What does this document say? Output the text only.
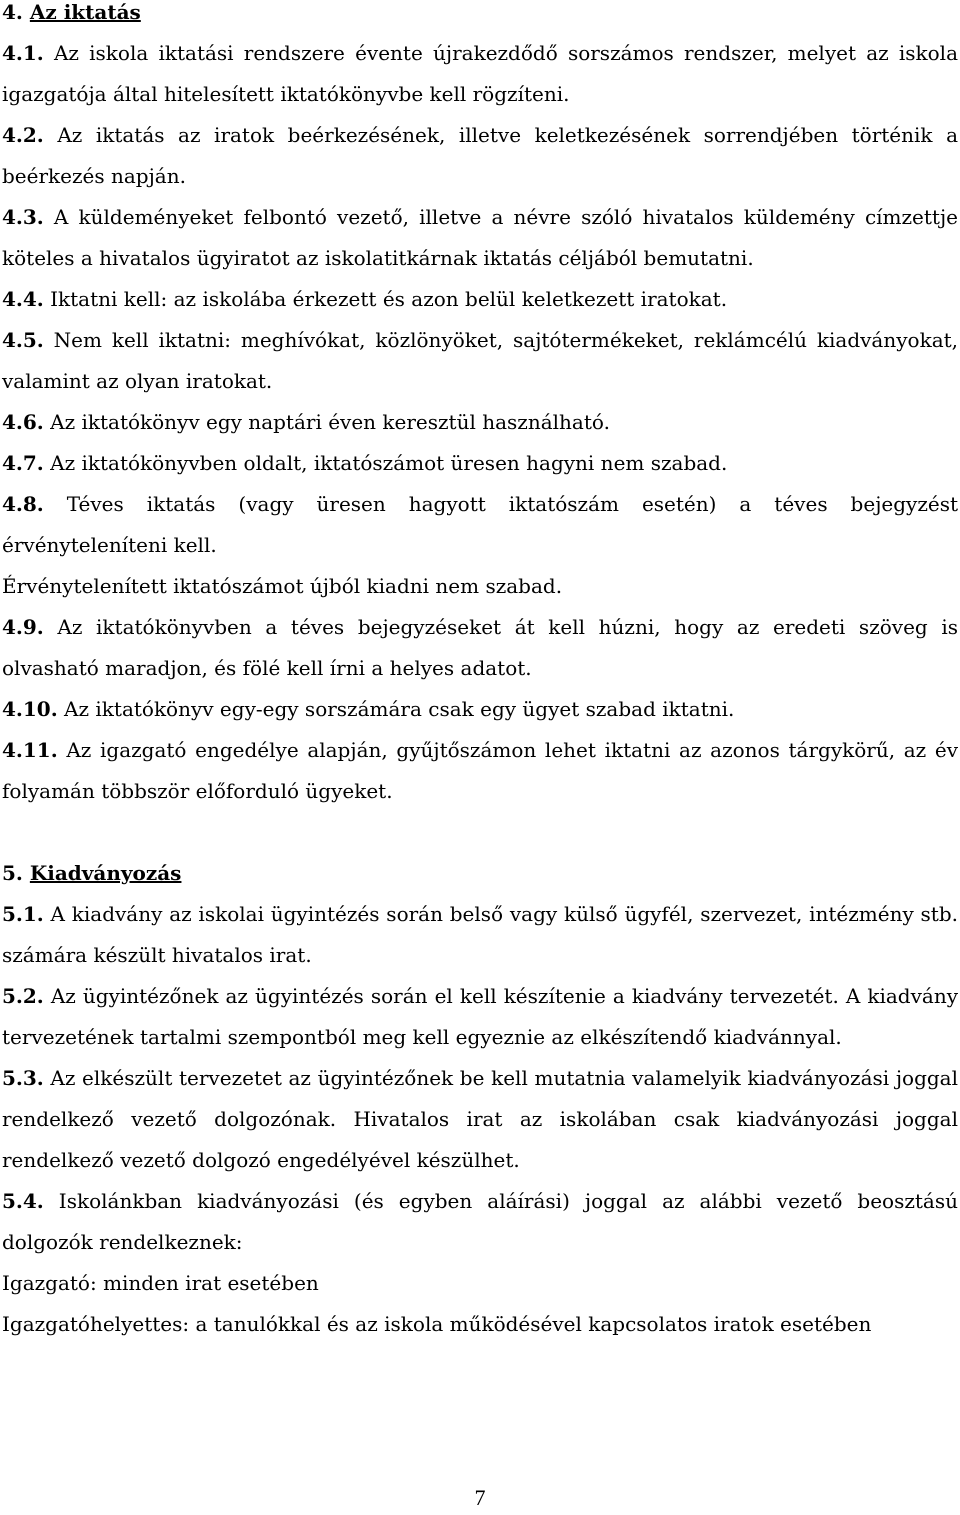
4. Az iktatás

4.1. Az iskola iktatási rendszere évente újrakezdődő sorszámos rendszer, melyet az iskola igazgatója által hitelesített iktatókönyvbe kell rögzíteni.

4.2. Az iktatás az iratok beérkezésének, illetve keletkezésének sorrendjében történik a beérkezés napján.

4.3. A küldeményeket felbontó vezető, illetve a névre szóló hivatalos küldemény címzettje köteles a hivatalos ügyiratot az iskolatitkárnak iktatás céljából bemutatni.

4.4. Iktatni kell: az iskolába érkezett és azon belül keletkezett iratokat.

4.5. Nem kell iktatni: meghívókat, közlönyöket, sajtótermékeket, reklámcélú kiadványokat, valamint az olyan iratokat.

4.6. Az iktatókönyv egy naptári éven keresztül használható.

4.7. Az iktatókönyvben oldalt, iktatószámot üresen hagyni nem szabad.

4.8. Téves iktatás (vagy üresen hagyott iktatószám esetén) a téves bejegyzést érvényteleníteni kell.

Érvénytelenített iktatószámot újból kiadni nem szabad.

4.9. Az iktatókönyvben a téves bejegyzéseket át kell húzni, hogy az eredeti szöveg is olvasható maradjon, és fölé kell írni a helyes adatot.

4.10. Az iktatókönyv egy-egy sorszámára csak egy ügyet szabad iktatni.

4.11. Az igazgató engedélye alapján, gyűjtőszámon lehet iktatni az azonos tárgykörű, az év folyamán többször előforduló ügyeket.

5. Kiadványozás

5.1. A kiadvány az iskolai ügyintézés során belső vagy külső ügyfél, szervezet, intézmény stb. számára készült hivatalos irat.

5.2. Az ügyintézőnek az ügyintézés során el kell készítenie a kiadvány tervezetét. A kiadvány tervezetének tartalmi szempontból meg kell egyeznie az elkészítendő kiadvánnyal.

5.3. Az elkészült tervezetet az ügyintézőnek be kell mutatnia valamelyik kiadványozási joggal rendelkező vezető dolgozónak. Hivatalos irat az iskolában csak kiadványozási joggal rendelkező vezető dolgozó engedélyével készülhet.

5.4. Iskolánkban kiadványozási (és egyben aláírási) joggal az alábbi vezető beosztású dolgozók rendelkeznek:

Igazgató: minden irat esetében

Igazgatóhelyettes: a tanulókkal és az iskola működésével kapcsolatos iratok esetében

7
